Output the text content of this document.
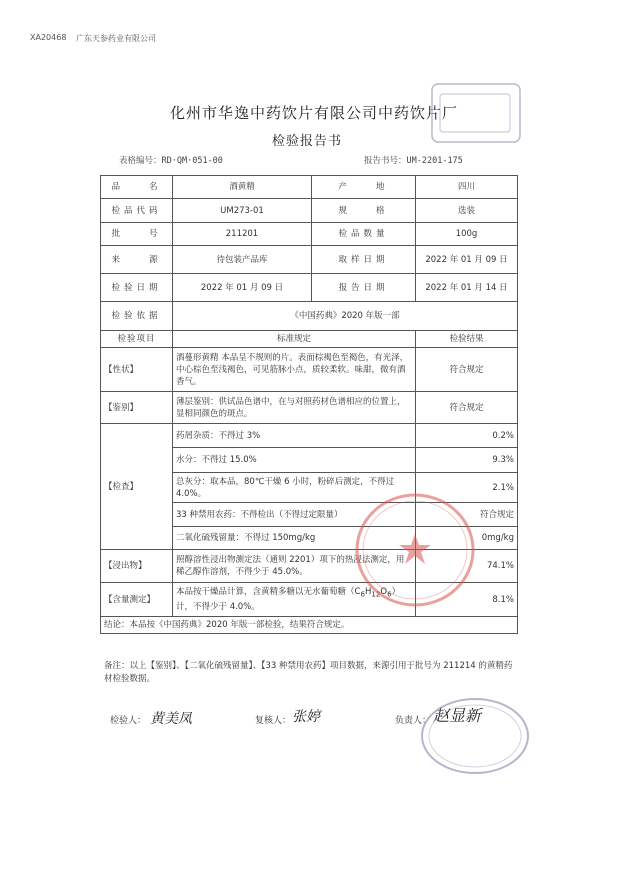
XA20468 广东天参药业有限公司
化州市华逸中药饮片有限公司中药饮片厂
检验报告书
表格编号：RD·QM·051-00	报告书号：UM-2201-175
品　　名	酒黄精	产　　地	四川
检品代码	UM273-01	规　　格	选装
批　　号	211201	检品数量	100g
来　　源	待包装产品库	取样日期	2022 年 01 月 09 日
检验日期	2022 年 01 月 09 日	报告日期	2022 年 01 月 14 日
检验依据	《中国药典》2020 年版一部		
检验项目	标准规定		检验结果
【性状】	酒蔓形黄精 本品呈不规则的片。表面棕褐色至褐色，有光泽，中心棕色至浅褐色，可见筋脉小点，质较柔软。味甜，微有酒香气。		符合规定
【鉴别】	薄层鉴别：供试品色谱中，在与对照药材色谱相应的位置上，显相同颜色的斑点。		符合规定
【检查】	药屑杂质：不得过 3%		0.2%
	水分：不得过 15.0%		9.3%
	总灰分：取本品，80℃干燥 6 小时，粉碎后测定，不得过 4.0%。		2.1%
	33 种禁用农药：不得检出（不得过定限量）		符合规定
	二氧化硫残留量：不得过 150mg/kg		0mg/kg
【浸出物】	照醇溶性浸出物测定法（通则 2201）项下的热浸法测定，用稀乙醇作溶剂，不得少于 45.0%。		74.1%
【含量测定】	本品按干燥品计算，含黄精多糖以无水葡萄糖$(C_6H_{12}O_6)$计，不得少于 4.0%。		8.1%
结论：本品按《中国药典》2020 年版一部检验，结果符合规定。			
备注：以上【鉴别】、【二氧化硫残留量】、【33 种禁用农药】项目数据，来源引用于批号为 211214 的黄精药材检验数据。
检验人： 黄美凤	复核人： 张婷	负责人： 赵显新
